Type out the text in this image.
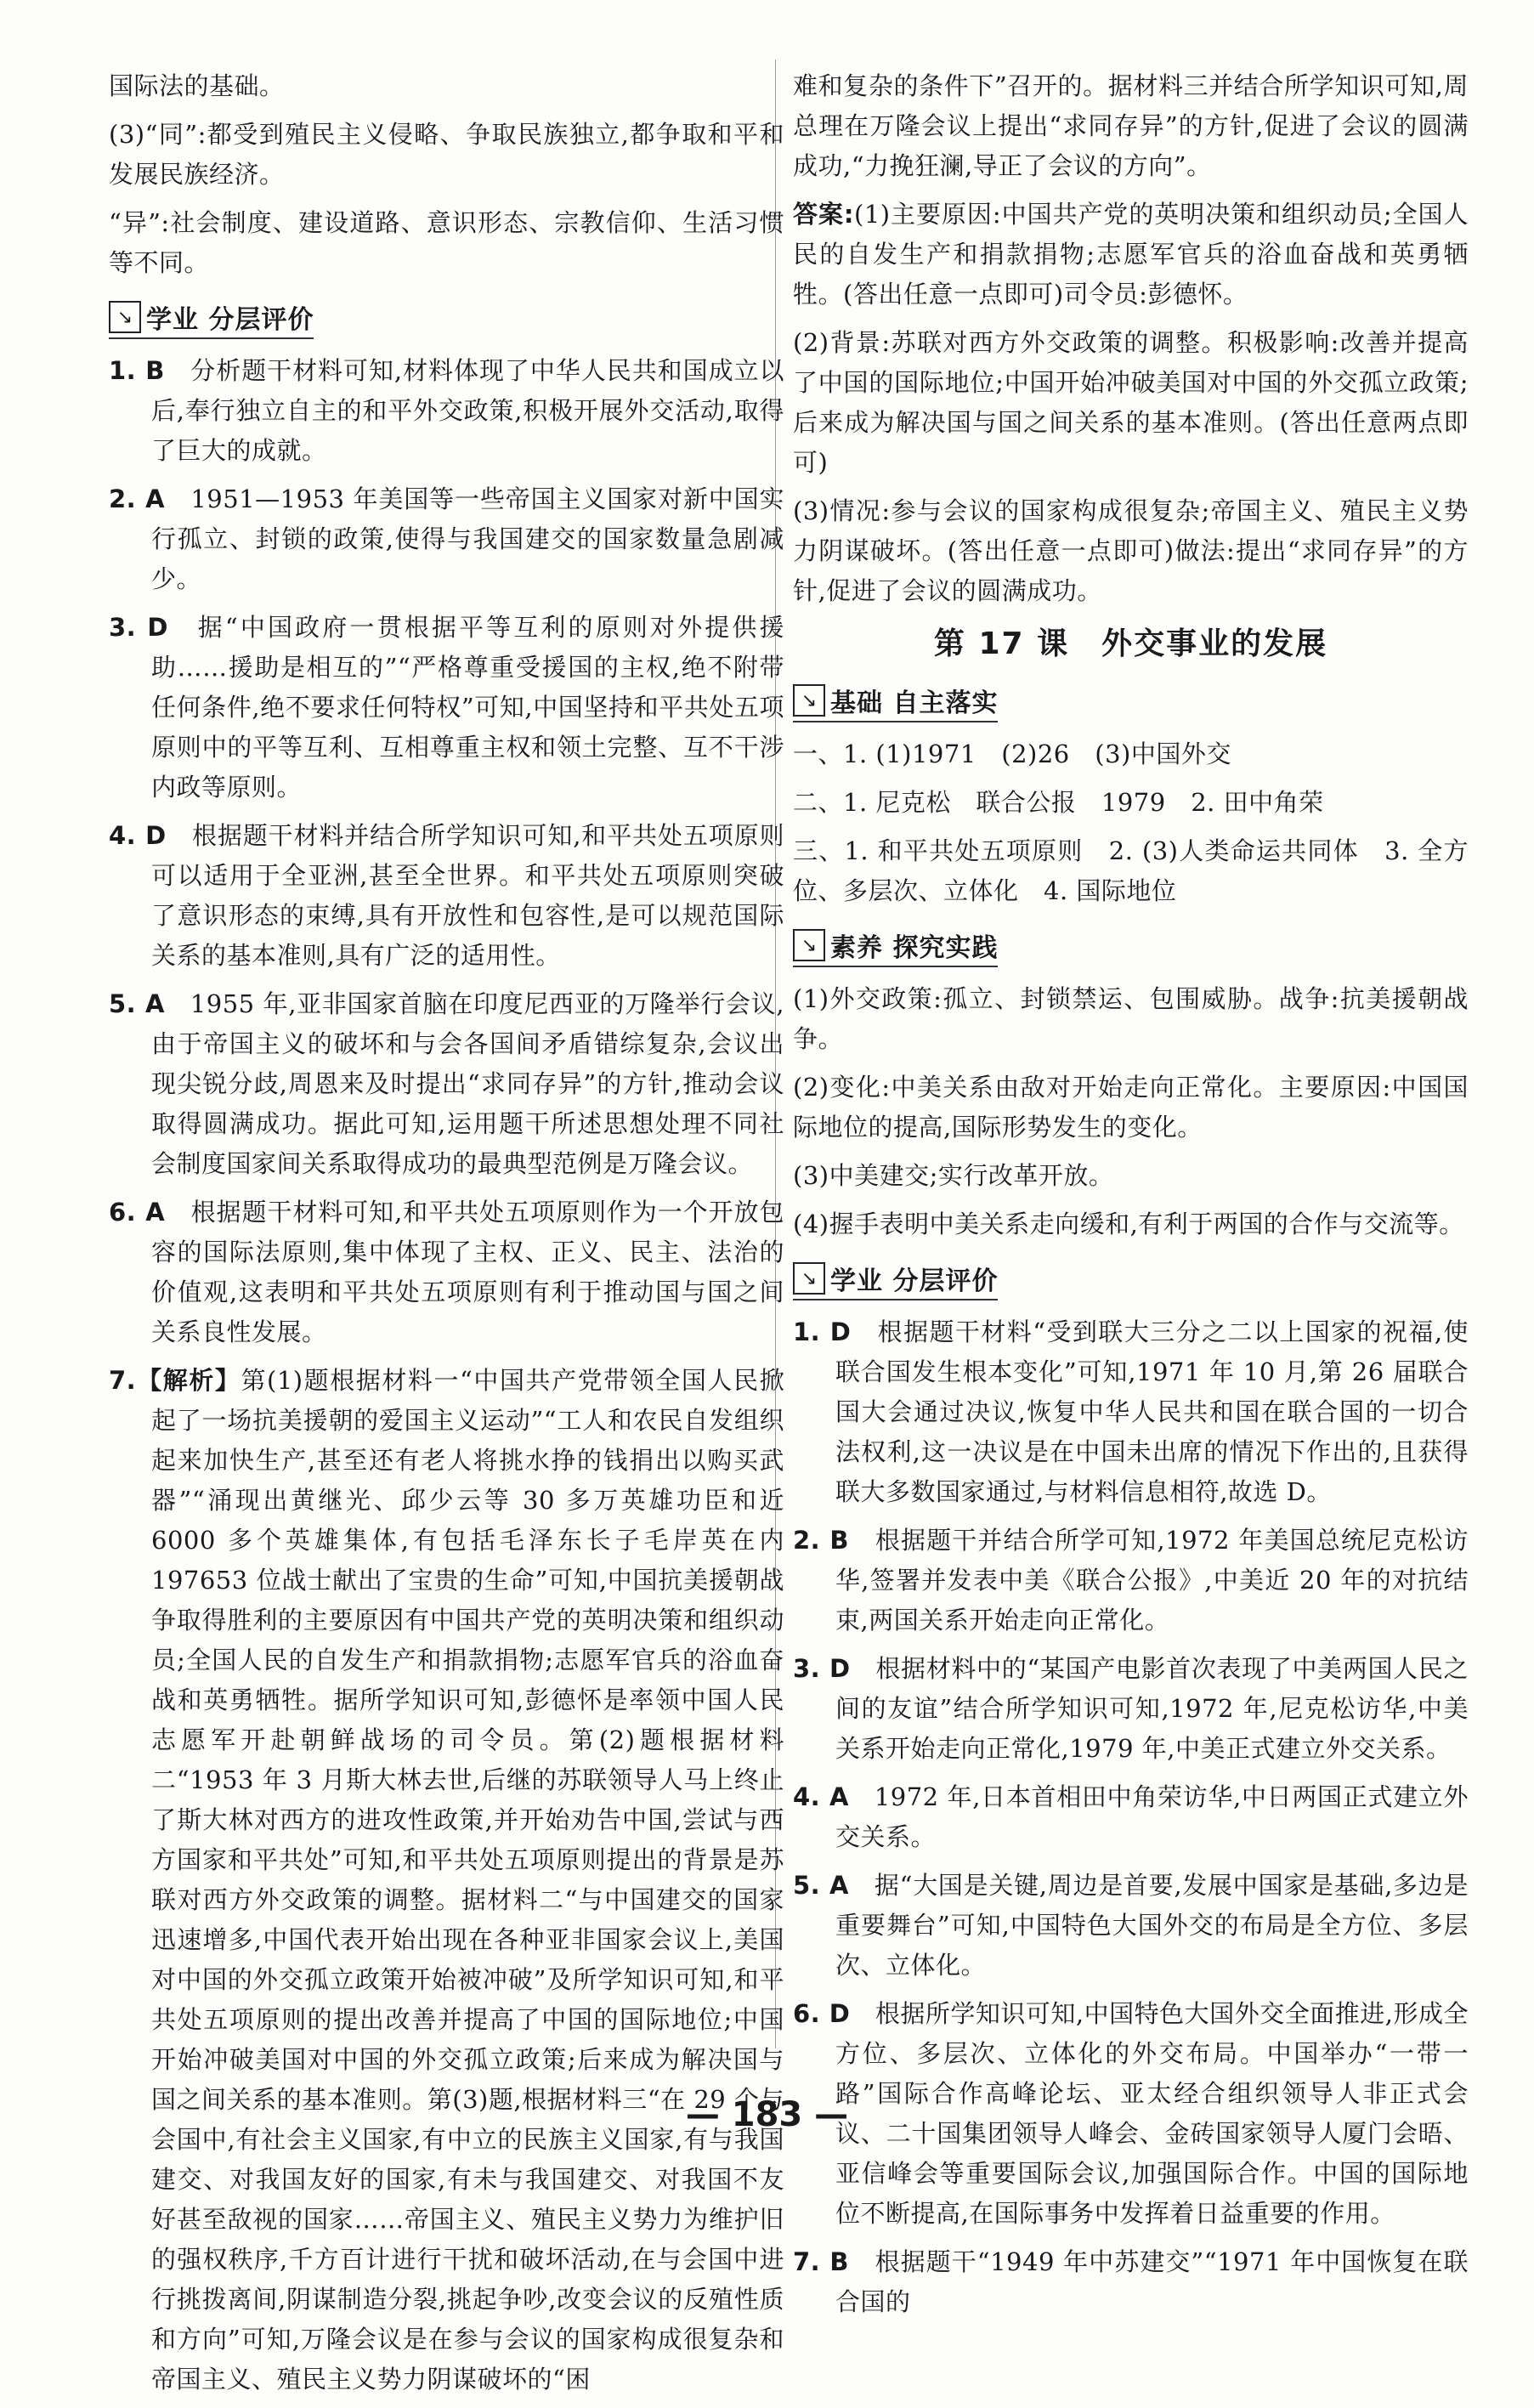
国际法的基础。

(3)“同”:都受到殖民主义侵略、争取民族独立,都争取和平和发展民族经济。

“异”:社会制度、建设道路、意识形态、宗教信仰、生活习惯等不同。

↘ 学业 分层评价

1. B　 分析题干材料可知,材料体现了中华人民共和国成立以后,奉行独立自主的和平外交政策,积极开展外交活动,取得了巨大的成就。

2. A　 1951—1953 年美国等一些帝国主义国家对新中国实行孤立、封锁的政策,使得与我国建交的国家数量急剧减少。

3. D　 据“中国政府一贯根据平等互利的原则对外提供援助……援助是相互的”“严格尊重受援国的主权,绝不附带任何条件,绝不要求任何特权”可知,中国坚持和平共处五项原则中的平等互利、互相尊重主权和领土完整、互不干涉内政等原则。

4. D　 根据题干材料并结合所学知识可知,和平共处五项原则可以适用于全亚洲,甚至全世界。和平共处五项原则突破了意识形态的束缚,具有开放性和包容性,是可以规范国际关系的基本准则,具有广泛的适用性。

5. A　 1955 年,亚非国家首脑在印度尼西亚的万隆举行会议,由于帝国主义的破坏和与会各国间矛盾错综复杂,会议出现尖锐分歧,周恩来及时提出“求同存异”的方针,推动会议取得圆满成功。据此可知,运用题干所述思想处理不同社会制度国家间关系取得成功的最典型范例是万隆会议。

6. A　 根据题干材料可知,和平共处五项原则作为一个开放包容的国际法原则,集中体现了主权、正义、民主、法治的价值观,这表明和平共处五项原则有利于推动国与国之间关系良性发展。

7.【解析】第(1)题根据材料一“中国共产党带领全国人民掀起了一场抗美援朝的爱国主义运动”“工人和农民自发组织起来加快生产,甚至还有老人将挑水挣的钱捐出以购买武器”“涌现出黄继光、邱少云等 30 多万英雄功臣和近 6000 多个英雄集体,有包括毛泽东长子毛岸英在内 197653 位战士献出了宝贵的生命”可知,中国抗美援朝战争取得胜利的主要原因有中国共产党的英明决策和组织动员;全国人民的自发生产和捐款捐物;志愿军官兵的浴血奋战和英勇牺牲。据所学知识可知,彭德怀是率领中国人民志愿军开赴朝鲜战场的司令员。第(2)题根据材料二“1953 年 3 月斯大林去世,后继的苏联领导人马上终止了斯大林对西方的进攻性政策,并开始劝告中国,尝试与西方国家和平共处”可知,和平共处五项原则提出的背景是苏联对西方外交政策的调整。据材料二“与中国建交的国家迅速增多,中国代表开始出现在各种亚非国家会议上,美国对中国的外交孤立政策开始被冲破”及所学知识可知,和平共处五项原则的提出改善并提高了中国的国际地位;中国开始冲破美国对中国的外交孤立政策;后来成为解决国与国之间关系的基本准则。第(3)题,根据材料三“在 29 个与会国中,有社会主义国家,有中立的民族主义国家,有与我国建交、对我国友好的国家,有未与我国建交、对我国不友好甚至敌视的国家……帝国主义、殖民主义势力为维护旧的强权秩序,千方百计进行干扰和破坏活动,在与会国中进行挑拨离间,阴谋制造分裂,挑起争吵,改变会议的反殖性质和方向”可知,万隆会议是在参与会议的国家构成很复杂和帝国主义、殖民主义势力阴谋破坏的“困

难和复杂的条件下”召开的。据材料三并结合所学知识可知,周总理在万隆会议上提出“求同存异”的方针,促进了会议的圆满成功,“力挽狂澜,导正了会议的方向”。

答案:(1)主要原因:中国共产党的英明决策和组织动员;全国人民的自发生产和捐款捐物;志愿军官兵的浴血奋战和英勇牺牲。(答出任意一点即可)司令员:彭德怀。

(2)背景:苏联对西方外交政策的调整。积极影响:改善并提高了中国的国际地位;中国开始冲破美国对中国的外交孤立政策;后来成为解决国与国之间关系的基本准则。(答出任意两点即可)

(3)情况:参与会议的国家构成很复杂;帝国主义、殖民主义势力阴谋破坏。(答出任意一点即可)做法:提出“求同存异”的方针,促进了会议的圆满成功。

第 17 课　外交事业的发展
↘ 基础 自主落实

一、1. (1)1971　(2)26　(3)中国外交

二、1. 尼克松　联合公报　1979　2. 田中角荣

三、1. 和平共处五项原则　2. (3)人类命运共同体　3. 全方位、多层次、立体化　4. 国际地位

↘ 素养 探究实践

(1)外交政策:孤立、封锁禁运、包围威胁。战争:抗美援朝战争。

(2)变化:中美关系由敌对开始走向正常化。主要原因:中国国际地位的提高,国际形势发生的变化。

(3)中美建交;实行改革开放。

(4)握手表明中美关系走向缓和,有利于两国的合作与交流等。

↘ 学业 分层评价

1. D　 根据题干材料“受到联大三分之二以上国家的祝福,使联合国发生根本变化”可知,1971 年 10 月,第 26 届联合国大会通过决议,恢复中华人民共和国在联合国的一切合法权利,这一决议是在中国未出席的情况下作出的,且获得联大多数国家通过,与材料信息相符,故选 D。

2. B　 根据题干并结合所学可知,1972 年美国总统尼克松访华,签署并发表中美《联合公报》,中美近 20 年的对抗结束,两国关系开始走向正常化。

3. D　 根据材料中的“某国产电影首次表现了中美两国人民之间的友谊”结合所学知识可知,1972 年,尼克松访华,中美关系开始走向正常化,1979 年,中美正式建立外交关系。

4. A　 1972 年,日本首相田中角荣访华,中日两国正式建立外交关系。

5. A　 据“大国是关键,周边是首要,发展中国家是基础,多边是重要舞台”可知,中国特色大国外交的布局是全方位、多层次、立体化。

6. D　 根据所学知识可知,中国特色大国外交全面推进,形成全方位、多层次、立体化的外交布局。中国举办“一带一路”国际合作高峰论坛、亚太经合组织领导人非正式会议、二十国集团领导人峰会、金砖国家领导人厦门会晤、亚信峰会等重要国际会议,加强国际合作。中国的国际地位不断提高,在国际事务中发挥着日益重要的作用。

7. B　 根据题干“1949 年中苏建交”“1971 年中国恢复在联合国的

— 183 —
